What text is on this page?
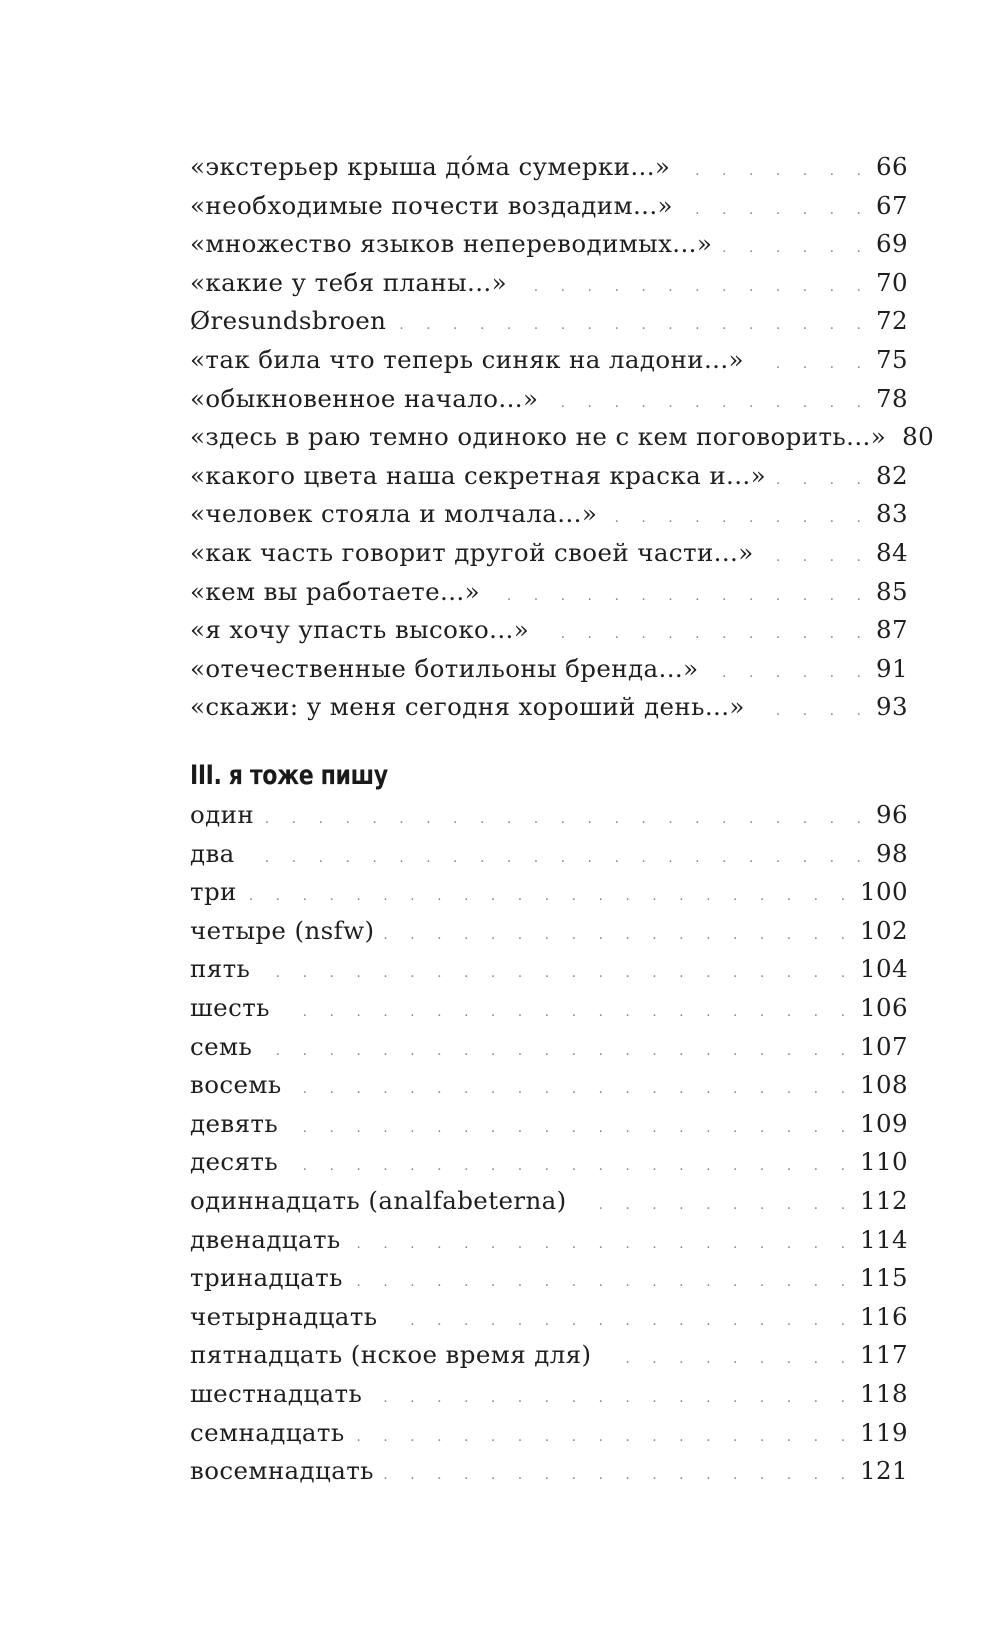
«экстерьер крыша до́ма сумерки...» . . .	66
«необходимые почести воздадим...» . . .	67
«множество языков непереводимых...» . . .	69
«какие у тебя планы...» . . .	70
Øresundsbroen . . .	72
«так била что теперь синяк на ладони...» . . .	75
«обыкновенное начало...» . . .	78
«здесь в раю темно одиноко не с кем поговорить...» 80
«какого цвета наша секретная краска и...» . . .	82
«человек стояла и молчала...» . . .	83
«как часть говорит другой своей части...» . . .	84
«кем вы работаете...» . . .	85
«я хочу упасть высоко...» . . .	87
«отечественные ботильоны бренда...» . . .	91
«скажи: у меня сегодня хороший день...» . . .	93
III. я тоже пишу
один . . .	96
два . . .	98
три . . .	100
четыре (nsfw) . . .	102
пять . . .	104
шесть . . .	106
семь . . .	107
восемь . . .	108
девять . . .	109
десять . . .	110
одиннадцать (analfabeterna) . . .	112
двенадцать . . .	114
тринадцать . . .	115
четырнадцать . . .	116
пятнадцать (нское время для) . . .	117
шестнадцать . . .	118
семнадцать . . .	119
восемнадцать . . .	121
